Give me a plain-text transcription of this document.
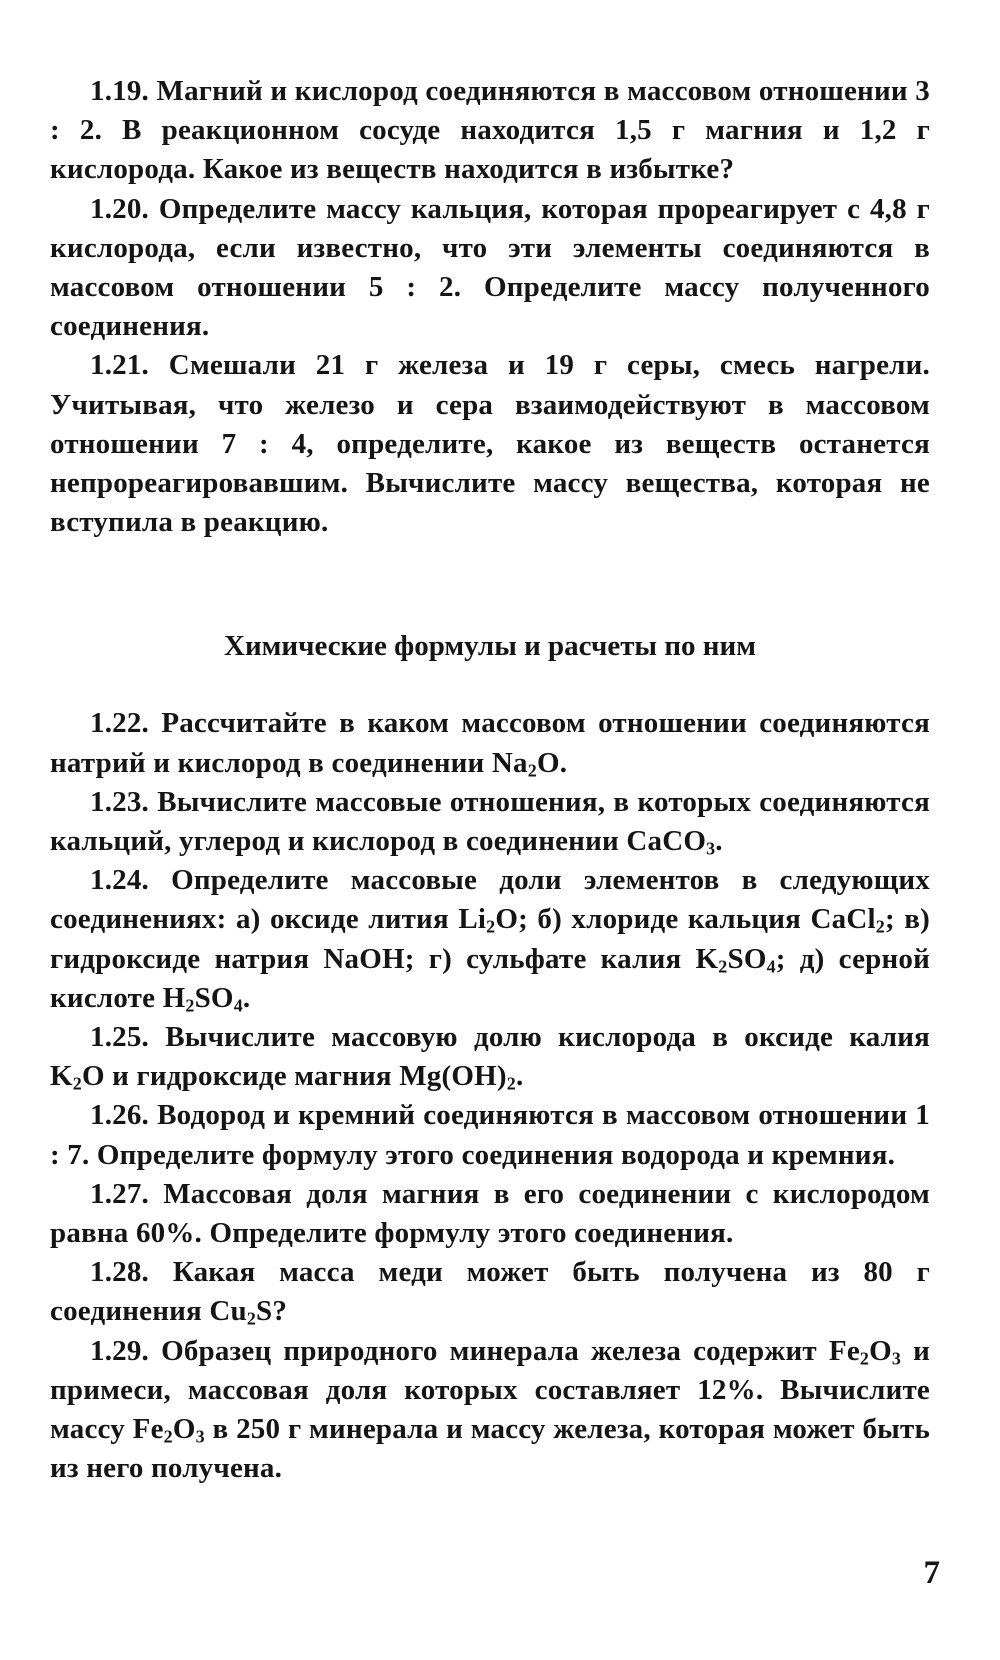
1.19. Магний и кислород соединяются в массовом отношении 3 : 2. В реакционном сосуде находится 1,5 г магния и 1,2 г кислорода. Какое из веществ находится в избытке?

1.20. Определите массу кальция, которая прореагирует с 4,8 г кислорода, если известно, что эти элементы соединяются в массовом отношении 5 : 2. Определите массу полученного соединения.

1.21. Смешали 21 г железа и 19 г серы, смесь нагрели. Учитывая, что железо и сера взаимодействуют в массовом отношении 7 : 4, определите, какое из веществ останется непрореагировавшим. Вычислите массу вещества, которая не вступила в реакцию.

Химические формулы и расчеты по ним

1.22. Рассчитайте в каком массовом отношении соединяются натрий и кислород в соединении $Na_2O$.

1.23. Вычислите массовые отношения, в которых соединяются кальций, углерод и кислород в соединении CaCO$_3$.

1.24. Определите массовые доли элементов в следующих соединениях: а) оксиде лития $Li_2O$; б) хлориде кальция CaCl$_2$; в) гидроксиде натрия NaOH; г) сульфате калия $K_2SO_4$; д) серной кислоте $H_2SO_4$.

1.25. Вычислите массовую долю кислорода в оксиде калия $K_2O$ и гидроксиде магния $Mg(OH)_2$.

1.26. Водород и кремний соединяются в массовом отношении 1 : 7. Определите формулу этого соединения водорода и кремния.

1.27. Массовая доля магния в его соединении с кислородом равна 60%. Определите формулу этого соединения.

1.28. Какая масса меди может быть получена из 80 г соединения $Cu_2S$?

1.29. Образец природного минерала железа содержит $Fe_2O_3$ и примеси, массовая доля которых составляет 12%. Вычислите массу $Fe_2O_3$ в 250 г минерала и массу железа, которая может быть из него получена.

7
